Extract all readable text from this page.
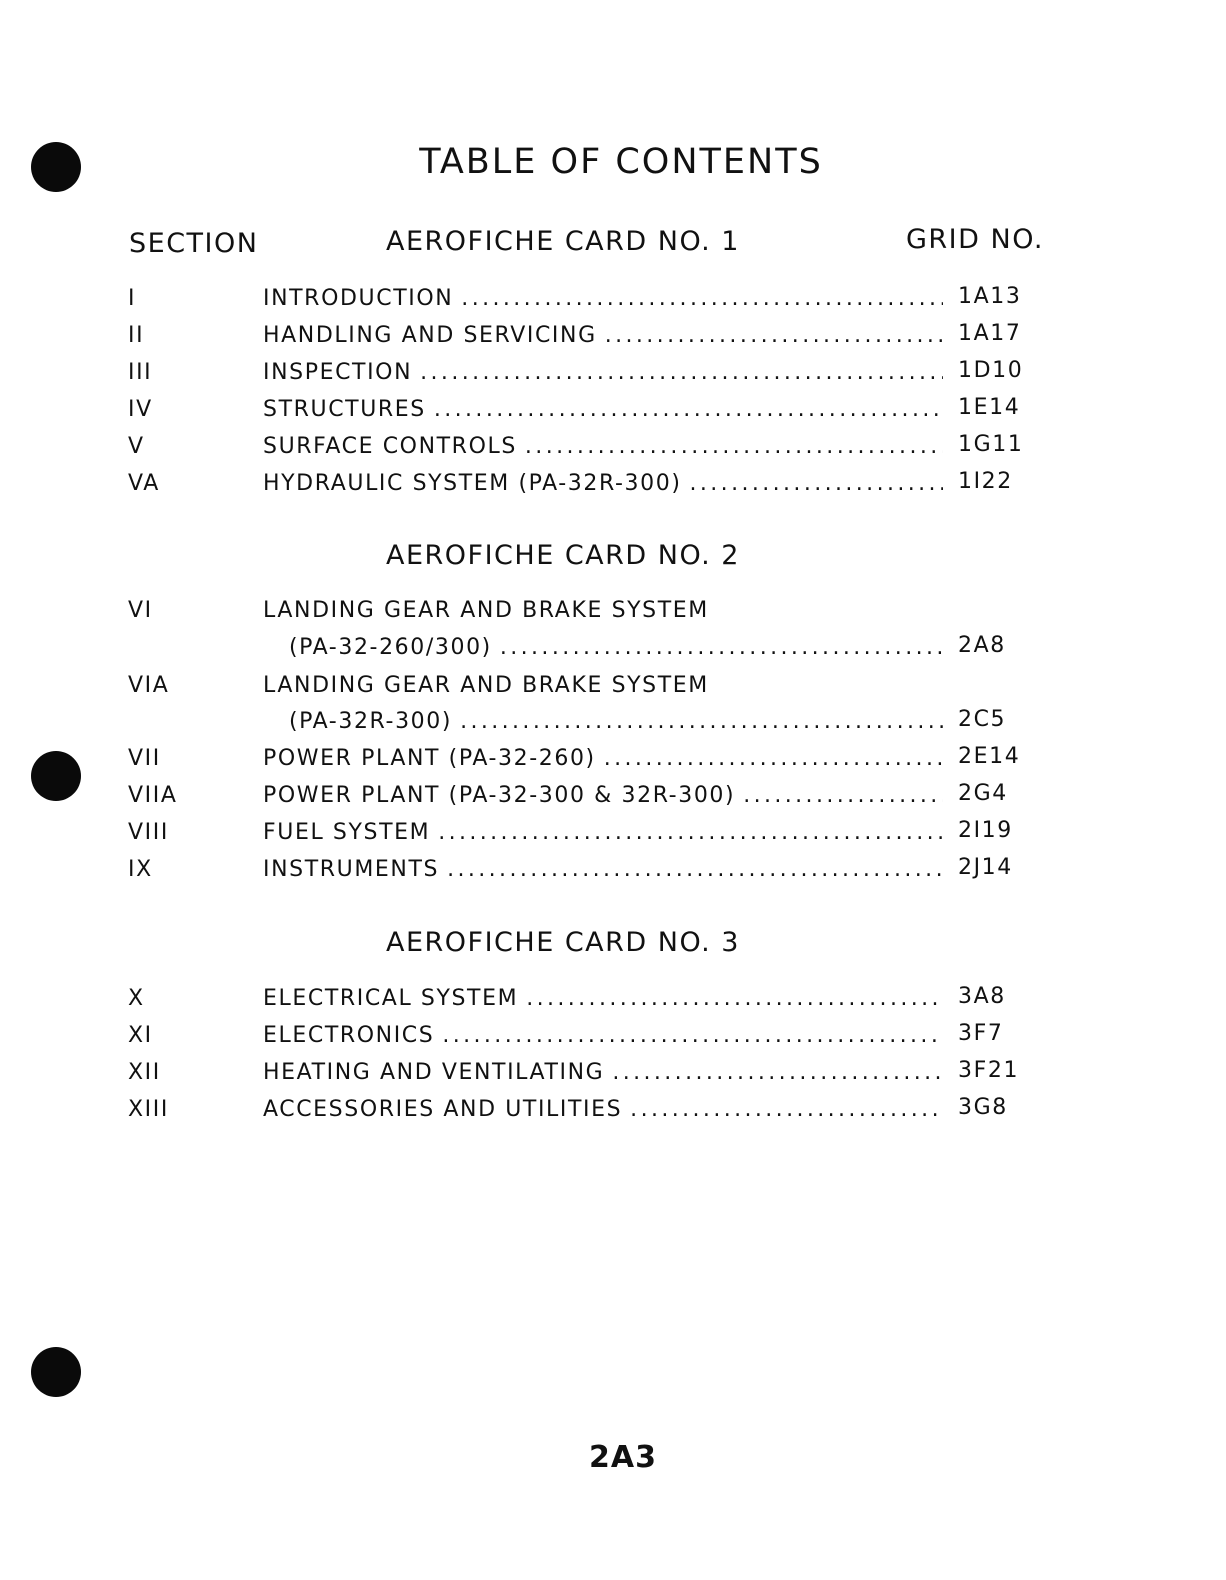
TABLE OF CONTENTS
SECTION	AEROFICHE CARD NO. 1	GRID NO.
I	INTRODUCTION .....	1A13
II	HANDLING AND SERVICING .....	1A17
III	INSPECTION .....	1D10
IV	STRUCTURES .....	1E14
V	SURFACE CONTROLS .....	1G11
VA	HYDRAULIC SYSTEM (PA-32R-300) .....	1I22
AEROFICHE CARD NO. 2
VI	LANDING GEAR AND BRAKE SYSTEM
(PA-32-260/300) .....	2A8
VIA	LANDING GEAR AND BRAKE SYSTEM
(PA-32R-300) .....	2C5
VII	POWER PLANT (PA-32-260) .....	2E14
VIIA	POWER PLANT (PA-32-300 & 32R-300) .....	2G4
VIII	FUEL SYSTEM .....	2I19
IX	INSTRUMENTS .....	2J14
AEROFICHE CARD NO. 3
X	ELECTRICAL SYSTEM .....	3A8
XI	ELECTRONICS .....	3F7
XII	HEATING AND VENTILATING .....	3F21
XIII	ACCESSORIES AND UTILITIES .....	3G8
2A3
